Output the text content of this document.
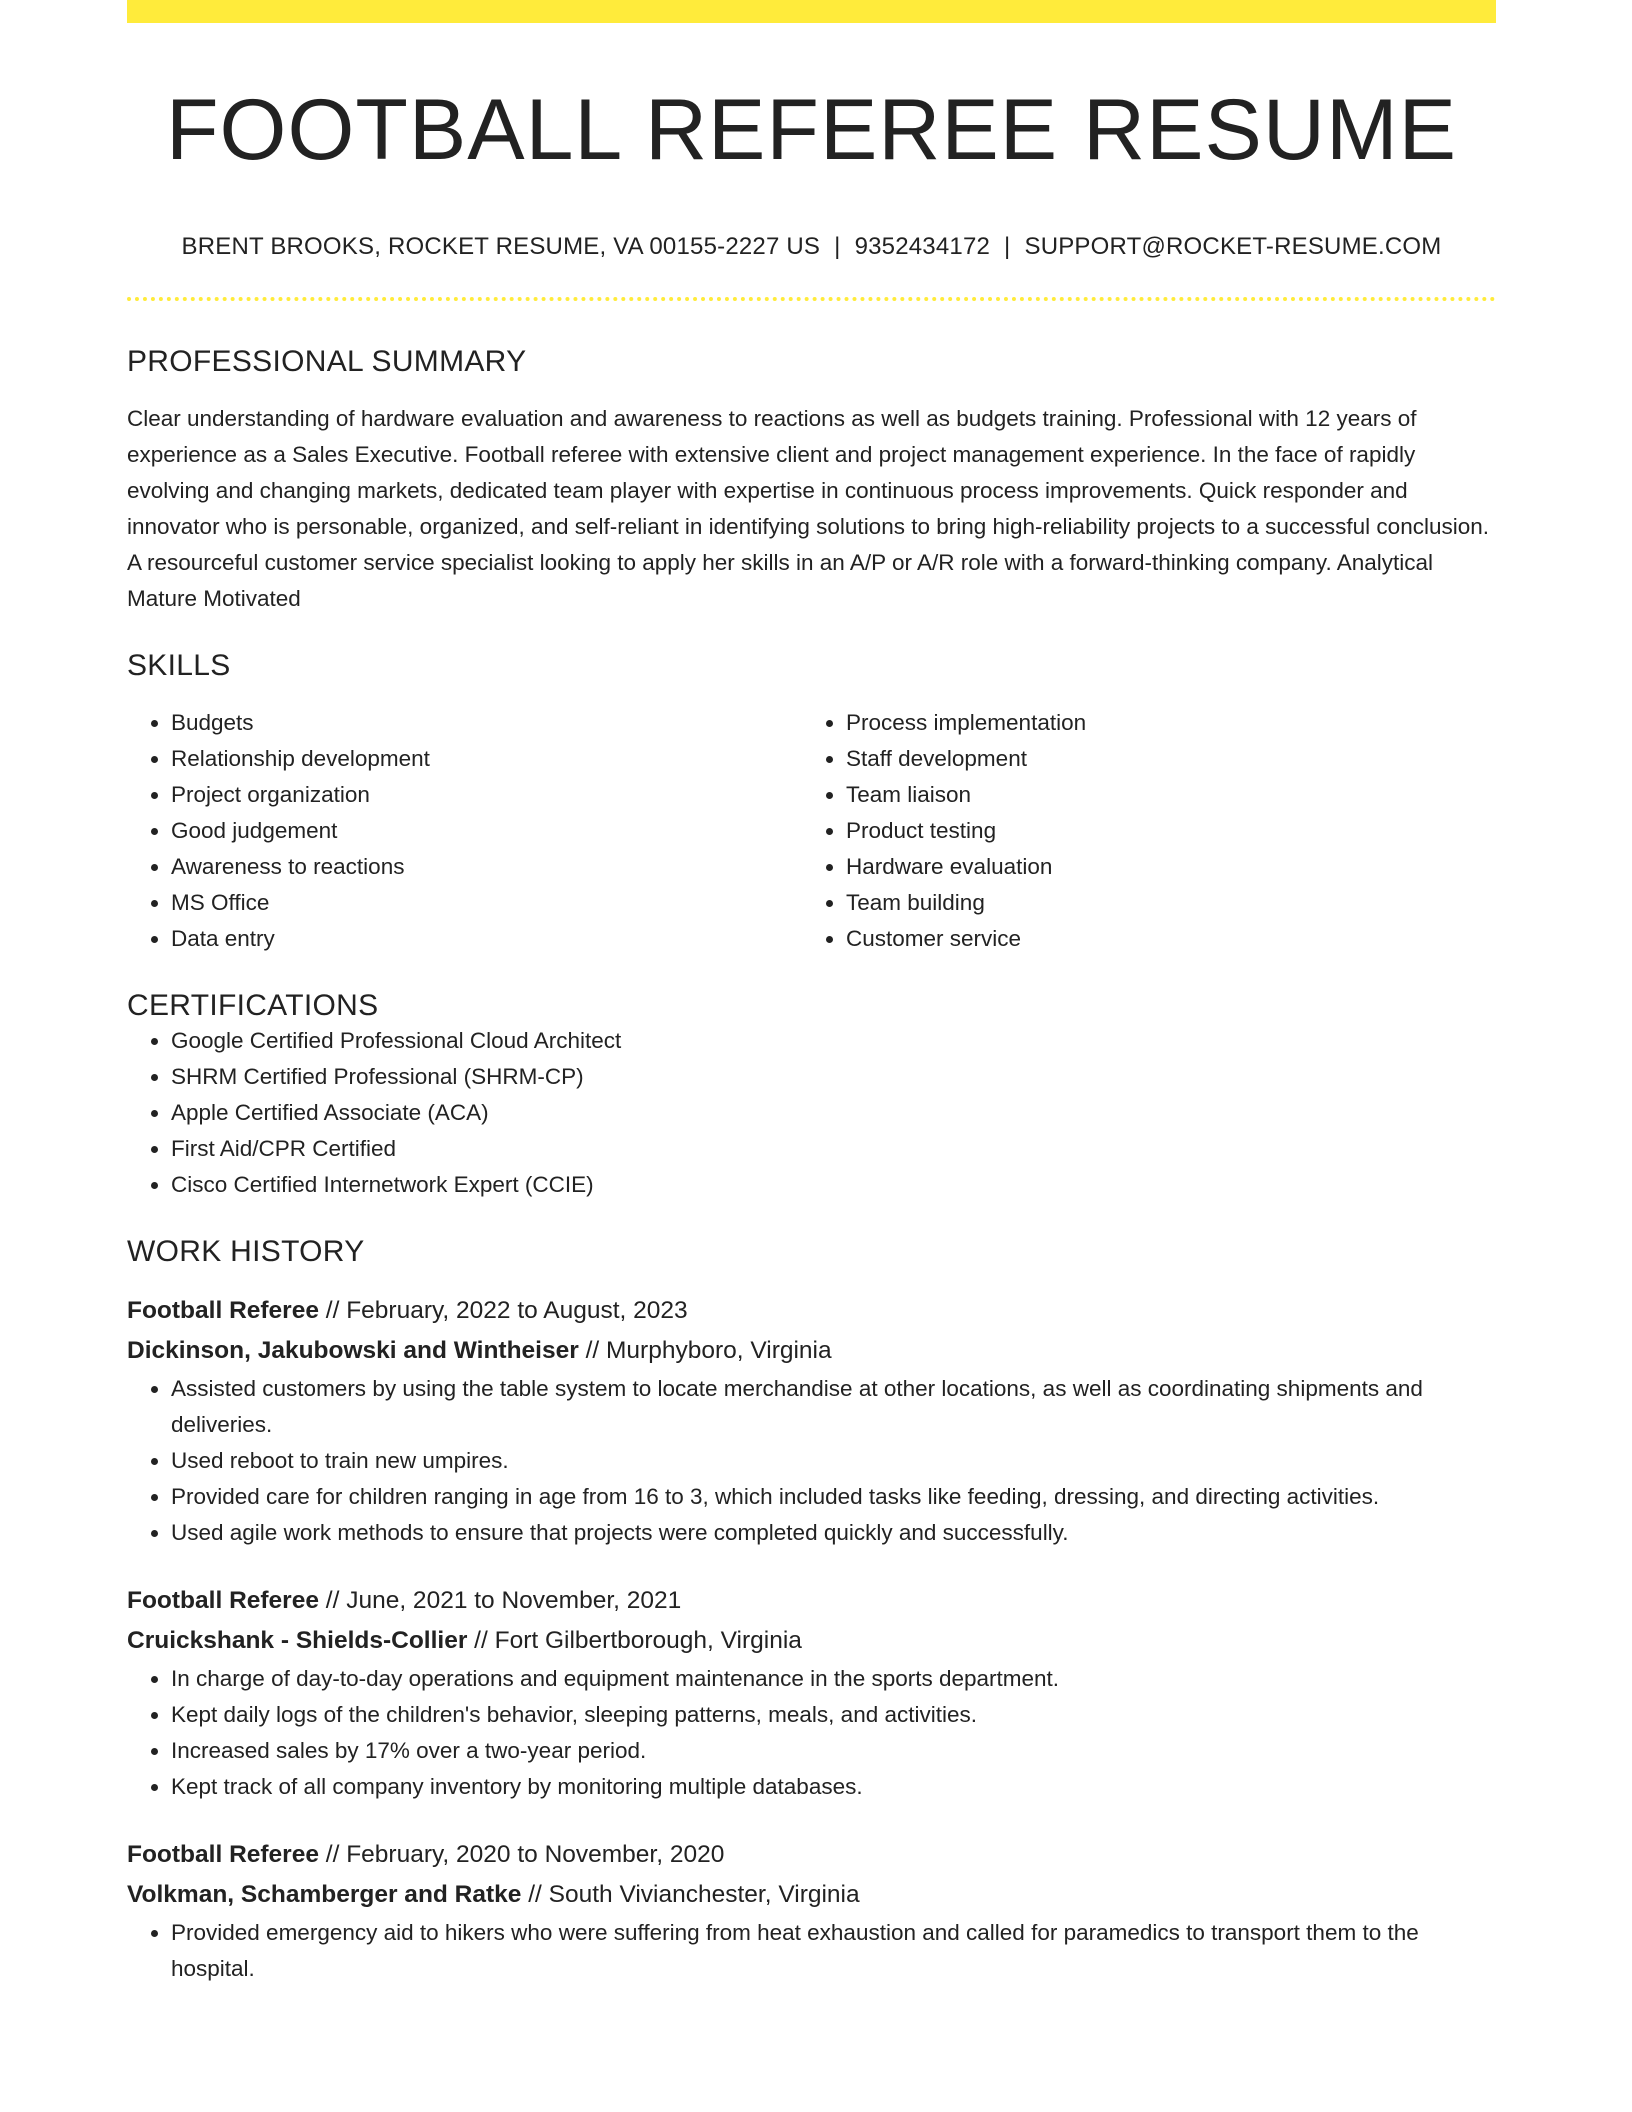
FOOTBALL REFEREE RESUME
BRENT BROOKS, ROCKET RESUME, VA 00155-2227 US | 9352434172 | SUPPORT@ROCKET-RESUME.COM
PROFESSIONAL SUMMARY

Clear understanding of hardware evaluation and awareness to reactions as well as budgets training. Professional with 12 years of experience as a Sales Executive. Football referee with extensive client and project management experience. In the face of rapidly evolving and changing markets, dedicated team player with expertise in continuous process improvements. Quick responder and innovator who is personable, organized, and self-reliant in identifying solutions to bring high-reliability projects to a successful conclusion. A resourceful customer service specialist looking to apply her skills in an A/P or A/R role with a forward-thinking company. Analytical Mature Motivated

SKILLS
• Budgets
• Relationship development
• Project organization
• Good judgement
• Awareness to reactions
• MS Office
• Data entry
• Process implementation
• Staff development
• Team liaison
• Product testing
• Hardware evaluation
• Team building
• Customer service
CERTIFICATIONS
• Google Certified Professional Cloud Architect
• SHRM Certified Professional (SHRM-CP)
• Apple Certified Associate (ACA)
• First Aid/CPR Certified
• Cisco Certified Internetwork Expert (CCIE)
WORK HISTORY
Football Referee // February, 2022 to August, 2023
Dickinson, Jakubowski and Wintheiser // Murphyboro, Virginia
• Assisted customers by using the table system to locate merchandise at other locations, as well as coordinating shipments and deliveries.
• Used reboot to train new umpires.
• Provided care for children ranging in age from 16 to 3, which included tasks like feeding, dressing, and directing activities.
• Used agile work methods to ensure that projects were completed quickly and successfully.
Football Referee // June, 2021 to November, 2021
Cruickshank - Shields-Collier // Fort Gilbertborough, Virginia
• In charge of day-to-day operations and equipment maintenance in the sports department.
• Kept daily logs of the children's behavior, sleeping patterns, meals, and activities.
• Increased sales by 17% over a two-year period.
• Kept track of all company inventory by monitoring multiple databases.
Football Referee // February, 2020 to November, 2020
Volkman, Schamberger and Ratke // South Vivianchester, Virginia
• Provided emergency aid to hikers who were suffering from heat exhaustion and called for paramedics to transport them to the hospital.
